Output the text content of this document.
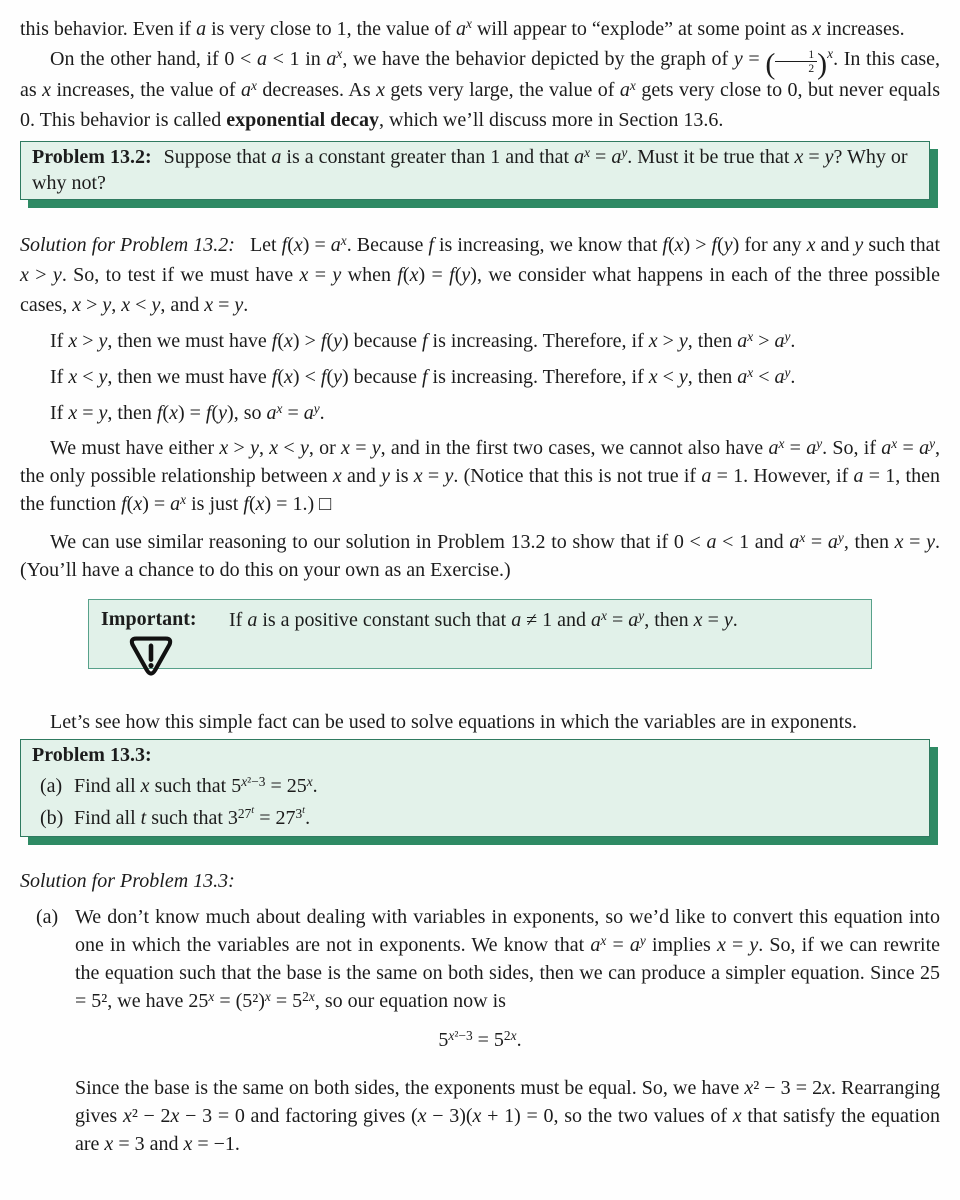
this behavior. Even if a is very close to 1, the value of $a^x$ will appear to “explode” at some point as x increases.

On the other hand, if 0 < a < 1 in $a^x$, we have the behavior depicted by the graph of y = ( $\frac{1}{2} )^x$. In this case, as x increases, the value of $a^x$ decreases. As x gets very large, the value of $a^x$ gets very close to 0, but never equals 0. This behavior is called exponential decay, which we’ll discuss more in Section 13.6.

Problem 13.2: Suppose that a is a constant greater than 1 and that $a^x = a^y$. Must it be true that x = y? Why or why not?

Solution for Problem 13.2:   Let $f(x) = a^x$. Because f is increasing, we know that f(x) > f(y) for any x and y such that x > y. So, to test if we must have x = y when f(x) = f(y), we consider what happens in each of the three possible cases, x > y, x < y, and x = y.

If x > y, then we must have f(x) > f(y) because f is increasing. Therefore, if x > y, then $a^x > a^y$.

If x < y, then we must have f(x) < f(y) because f is increasing. Therefore, if x < y, then $a^x < a^y$.

If x = y, then f(x) = f(y), so $a^x = a^y$.

We must have either x > y, x < y, or x = y, and in the first two cases, we cannot also have $a^x = a^y$. So, if $a^x = a^y$, the only possible relationship between x and y is x = y. (Notice that this is not true if a = 1. However, if a = 1, then the function $f(x) = a^x$ is just f(x) = 1.) □

We can use similar reasoning to our solution in Problem 13.2 to show that if 0 < a < 1 and $a^x = a^y$, then x = y. (You’ll have a chance to do this on your own as an Exercise.)

Important:	If a is a positive constant such that a ≠ 1 and $a^x = a^y$, then x = y.

Let’s see how this simple fact can be used to solve equations in which the variables are in exponents.

Problem 13.3:

(a) Find all x such that $5^{x^2-3} = 25^x$.
(b) Find all t such that $3^{27^t} = 27^{3^t}$.

Solution for Problem 13.3:

(a) We don’t know much about dealing with variables in exponents, so we’d like to convert this equation into one in which the variables are not in exponents. We know that $a^x = a^y$ implies x = y. So, if we can rewrite the equation such that the base is the same on both sides, then we can produce a simpler equation. Since 25 = 5², we have $25^x = (5^2)^x = 5^{2x}$, so our equation now is
$5^{x^2-3} = 5^{2x}$.

Since the base is the same on both sides, the exponents must be equal. So, we have x² − 3 = 2x. Rearranging gives x² − 2x − 3 = 0 and factoring gives (x − 3)(x + 1) = 0, so the two values of x that satisfy the equation are x = 3 and x = −1.
